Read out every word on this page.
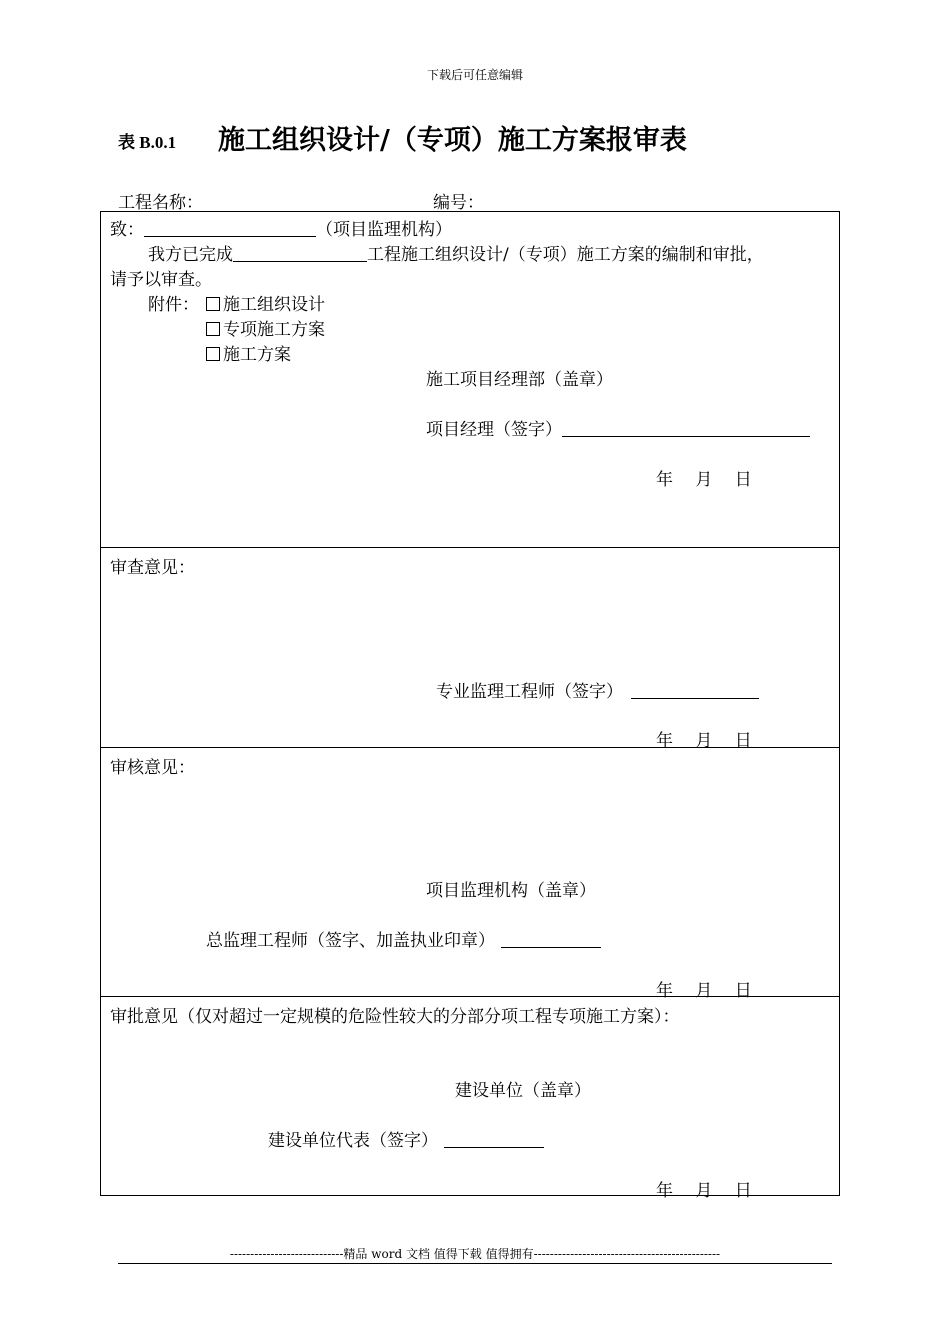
下载后可任意编辑
表 B.0.1 施工组织设计/（专项）施工方案报审表
工程名称：	编号：
致：	（项目监理机构）
我方已完成	工程施工组织设计/（专项）施工方案的编制和审批，
请予以审查。
附件：	施工组织设计
专项施工方案
施工方案
施工项目经理部（盖章）
项目经理（签字）
年　 月　 日
审查意见：
专业监理工程师（签字）
年　 月　 日
审核意见：
项目监理机构（盖章）
总监理工程师（签字、加盖执业印章）
年　 月　 日
审批意见（仅对超过一定规模的危险性较大的分部分项工程专项施工方案）：
建设单位（盖章）
建设单位代表（签字）
年　 月　 日
----------------------------精品 word 文档 值得下载 值得拥有----------------------------------------------
